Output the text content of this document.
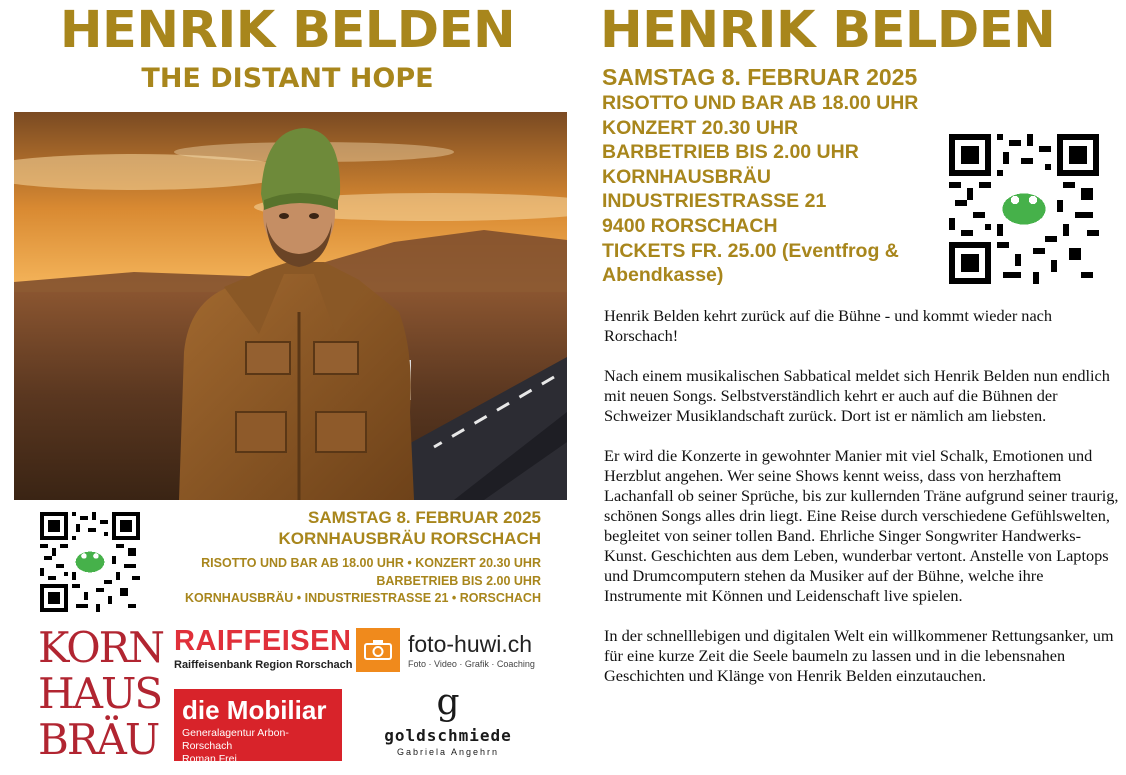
HENRIK BELDEN
THE DISTANT HOPE
SAMSTAG 8. FEBRUAR 2025
KORNHAUSBRÄU RORSCHACH
RISOTTO UND BAR AB 18.00 UHR • KONZERT 20.30 UHR
BARBETRIEB BIS 2.00 UHR
KORNHAUSBRÄU • INDUSTRIESTRASSE 21 • RORSCHACH
KORN
HAUS
BRÄU
RAIFFEISEN
Raiffeisenbank Region Rorschach
foto-huwi.ch
Foto · Video · Grafik · Coaching
die Mobiliar
Generalagentur Arbon-Rorschach
Roman Frei
g
goldschmiede
Gabriela Angehrn
HENRIK BELDEN
SAMSTAG 8. FEBRUAR 2025
RISOTTO UND BAR AB 18.00 UHR
KONZERT 20.30 UHR
BARBETRIEB BIS 2.00 UHR
KORNHAUSBRÄU
INDUSTRIESTRASSE 21
9400 RORSCHACH
TICKETS FR. 25.00 (Eventfrog &
Abendkasse)

Henrik Belden kehrt zurück auf die Bühne - und kommt wieder nach Rorschach!

Nach einem musikalischen Sabbatical meldet sich Henrik Belden nun endlich mit neuen Songs. Selbstverständlich kehrt er auch auf die Bühnen der Schweizer Musiklandschaft zurück. Dort ist er nämlich am liebsten.

Er wird die Konzerte in gewohnter Manier mit viel Schalk, Emotionen und Herzblut angehen. Wer seine Shows kennt weiss, dass von herzhaftem Lachanfall ob seiner Sprüche, bis zur kullernden Träne aufgrund seiner traurig, schönen Songs alles drin liegt. Eine Reise durch verschiedene Gefühlswelten, begleitet von seiner tollen Band. Ehrliche Singer Songwriter Handwerks-Kunst. Geschichten aus dem Leben, wunderbar vertont. Anstelle von Laptops und Drumcomputern stehen da Musiker auf der Bühne, welche ihre Instrumente mit Können und Leidenschaft live spielen.

In der schnelllebigen und digitalen Welt ein willkommener Rettungsanker, um für eine kurze Zeit die Seele baumeln zu lassen und in die lebensnahen Geschichten und Klänge von Henrik Belden einzutauchen.
